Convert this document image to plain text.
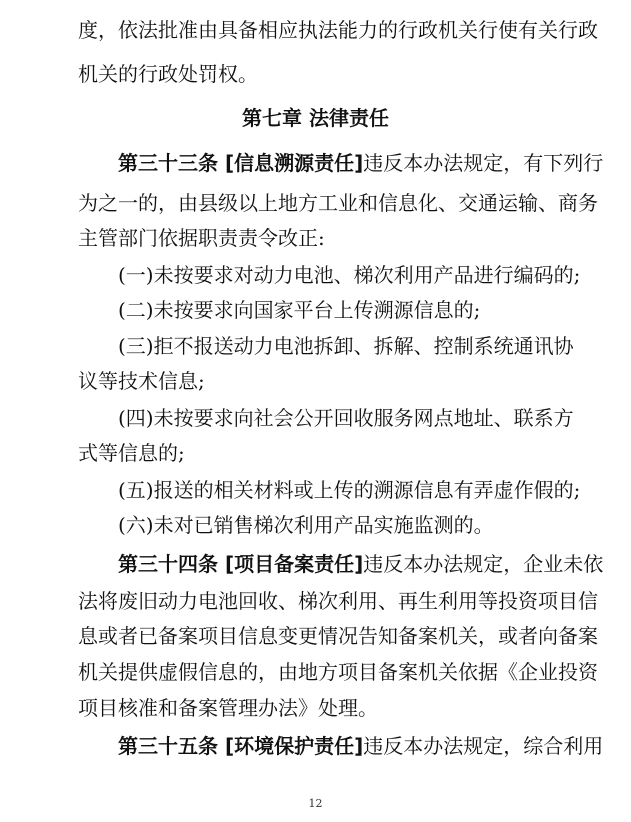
度，依法批准由具备相应执法能力的行政机关行使有关行政
机关的行政处罚权。
第七章 法律责任
第三十三条 [信息溯源责任]违反本办法规定，有下列行
为之一的，由县级以上地方工业和信息化、交通运输、商务
主管部门依据职责责令改正:
(一)未按要求对动力电池、梯次利用产品进行编码的;
(二)未按要求向国家平台上传溯源信息的;
(三)拒不报送动力电池拆卸、拆解、控制系统通讯协
议等技术信息;
(四)未按要求向社会公开回收服务网点地址、联系方
式等信息的;
(五)报送的相关材料或上传的溯源信息有弄虚作假的;
(六)未对已销售梯次利用产品实施监测的。
第三十四条 [项目备案责任]违反本办法规定，企业未依
法将废旧动力电池回收、梯次利用、再生利用等投资项目信
息或者已备案项目信息变更情况告知备案机关，或者向备案
机关提供虚假信息的，由地方项目备案机关依据《企业投资
项目核准和备案管理办法》处理。
第三十五条 [环境保护责任]违反本办法规定，综合利用
12
